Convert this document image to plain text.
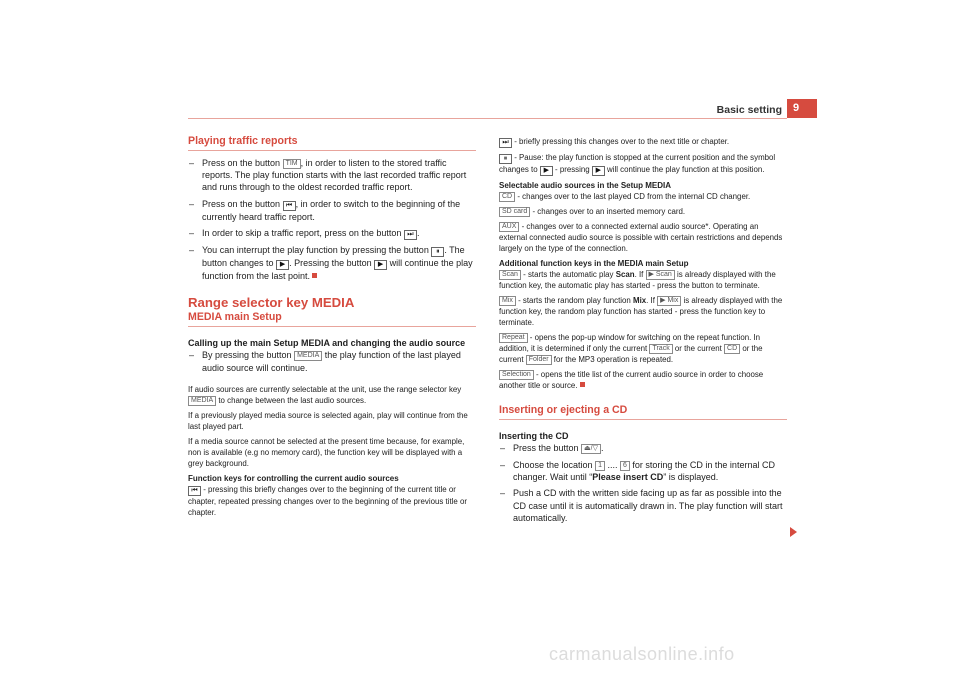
Basic setting	9
Playing traffic reports

– Press on the button TIM , in order to listen to the stored traffic reports. The play function starts with the last recorded traffic report and runs through to the oldest recorded traffic report.

– Press on the button ⏮ , in order to switch to the beginning of the currently heard traffic report.

– In order to skip a traffic report, press on the button ⏭ .

– You can interrupt the play function by pressing the button ⏸ . The button changes to ▶ . Pressing the button ▶ will continue the play function from the last point.

Range selector key MEDIA
MEDIA main Setup
Calling up the main Setup MEDIA and changing the audio source

– By pressing the button MEDIA the play function of the last played audio source will continue.

If audio sources are currently selectable at the unit, use the range selector key MEDIA to change between the last audio sources.

If a previously played media source is selected again, play will continue from the last played part.

If a media source cannot be selected at the present time because, for example, non is available (e.g no memory card), the function key will be displayed with a grey background.

Function keys for controlling the current audio sources

⏮ - pressing this briefly changes over to the beginning of the current title or chapter, repeated pressing changes over to the beginning of the previous title or chapter.

⏭ - briefly pressing this changes over to the next title or chapter.

⏸ - Pause: the play function is stopped at the current position and the symbol changes to ▶ - pressing ▶ will continue the play function at this position.

Selectable audio sources in the Setup MEDIA

CD - changes over to the last played CD from the internal CD changer.

SD card - changes over to an inserted memory card.

AUX - changes over to a connected external audio source*. Operating an external connected audio source is possible with certain restrictions and depends largely on the type of the connection.

Additional function keys in the MEDIA main Setup

Scan - starts the automatic play Scan. If ▶ Scan is already displayed with the function key, the automatic play has started - press the button to terminate.

Mix - starts the random play function Mix. If ▶ Mix is already displayed with the function key, the random play function has started - press the function key to terminate.

Repeat - opens the pop-up window for switching on the repeat function. In addition, it is determined if only the current Track or the current CD or the current Folder for the MP3 operation is repeated.

Selection - opens the title list of the current audio source in order to choose another title or source.

Inserting or ejecting a CD
Inserting the CD

– Press the button ⏏/▽ .

– Choose the location 1 .... 6 for storing the CD in the internal CD changer. Wait until “Please insert CD” is displayed.

– Push a CD with the written side facing up as far as possible into the CD case until it is automatically drawn in. The play function will start automatically.

carmanualsonline.info
